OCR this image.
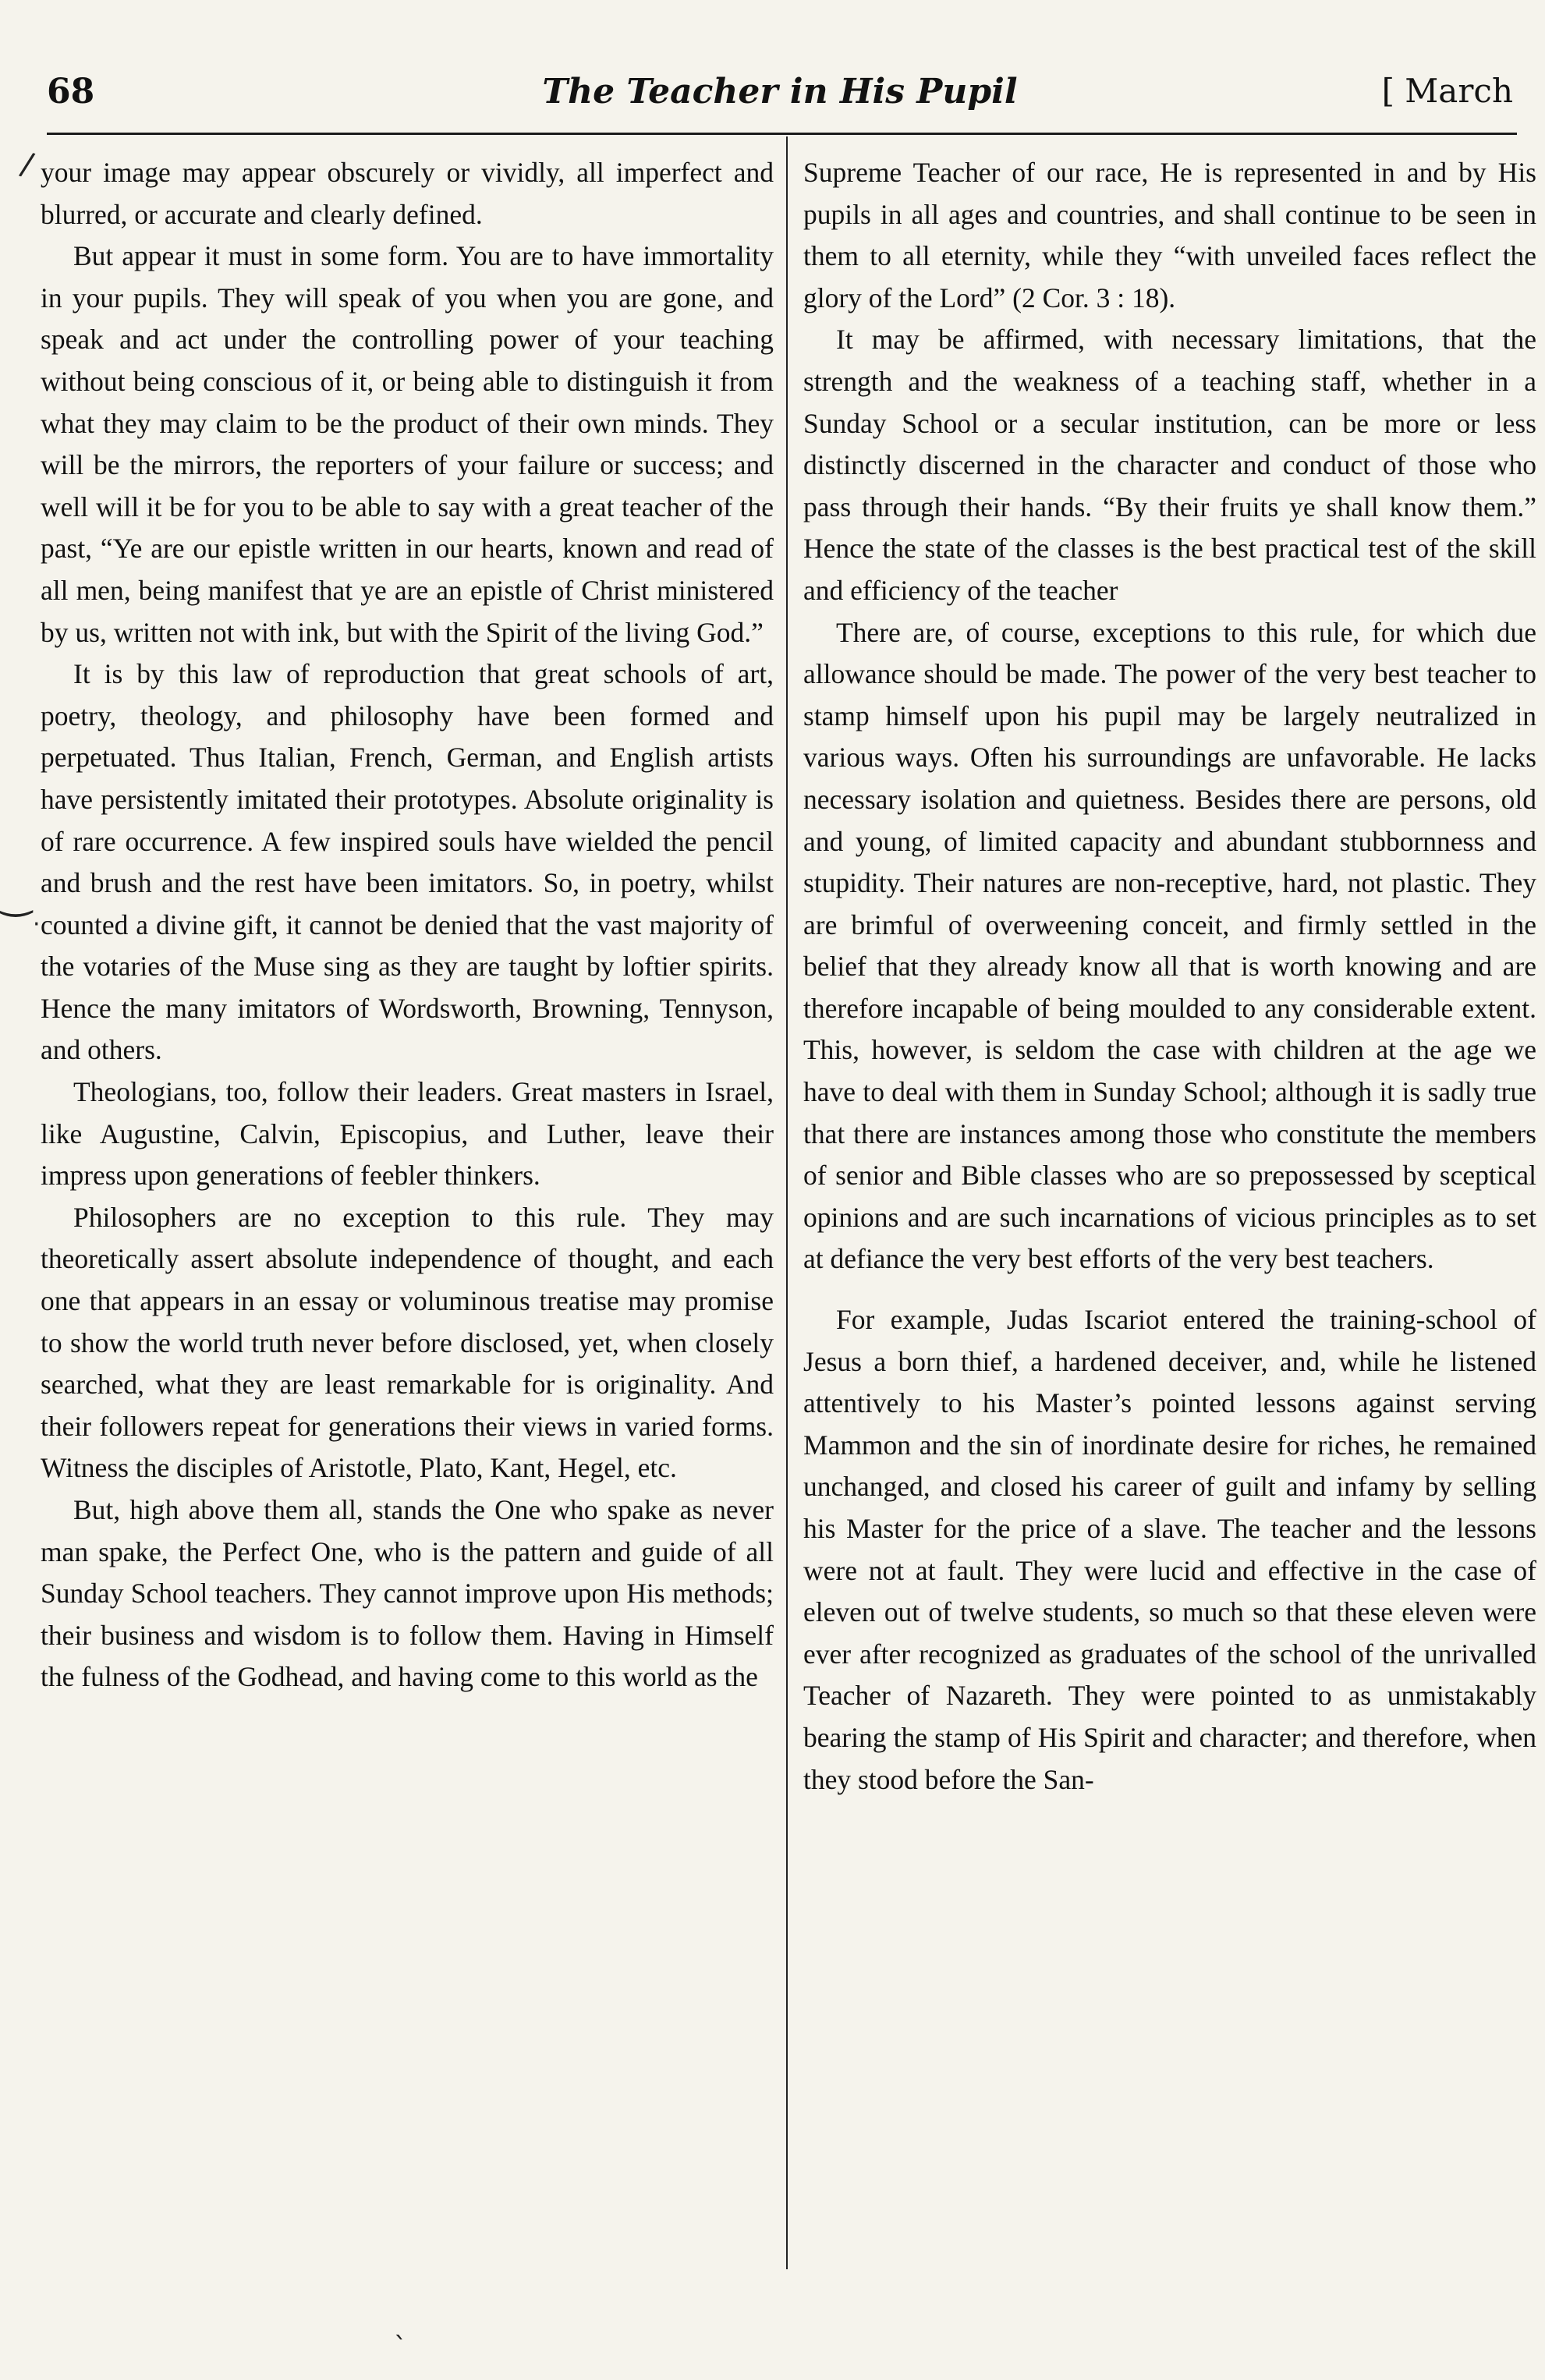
68	The Teacher in His Pupil	[ March
/
‿
·
ˋ

your image may appear obscurely or vividly, all imperfect and blurred, or accurate and clearly defined.

But appear it must in some form. You are to have immortality in your pupils. They will speak of you when you are gone, and speak and act under the controlling power of your teaching without being conscious of it, or being able to distinguish it from what they may claim to be the product of their own minds. They will be the mirrors, the reporters of your failure or success; and well will it be for you to be able to say with a great teacher of the past, “Ye are our epistle written in our hearts, known and read of all men, being manifest that ye are an epistle of Christ ministered by us, written not with ink, but with the Spirit of the living God.”

It is by this law of reproduction that great schools of art, poetry, theology, and philosophy have been formed and perpetuated. Thus Italian, French, German, and English artists have persistently imitated their prototypes. Absolute originality is of rare occurrence. A few inspired souls have wielded the pencil and brush and the rest have been imitators. So, in poetry, whilst counted a divine gift, it cannot be denied that the vast majority of the votaries of the Muse sing as they are taught by loftier spirits. Hence the many imitators of Wordsworth, Browning, Tennyson, and others.

Theologians, too, follow their leaders. Great masters in Israel, like Augustine, Calvin, Episcopius, and Luther, leave their impress upon generations of feebler thinkers.

Philosophers are no exception to this rule. They may theoretically assert absolute independence of thought, and each one that appears in an essay or voluminous treatise may promise to show the world truth never before disclosed, yet, when closely searched, what they are least remarkable for is originality. And their followers repeat for generations their views in varied forms. Witness the disciples of Aristotle, Plato, Kant, Hegel, etc.

But, high above them all, stands the One who spake as never man spake, the Perfect One, who is the pattern and guide of all Sunday School teachers. They cannot improve upon His methods; their business and wisdom is to follow them. Having in Himself the fulness of the Godhead, and having come to this world as the

Supreme Teacher of our race, He is represented in and by His pupils in all ages and countries, and shall continue to be seen in them to all eternity, while they “with unveiled faces reflect the glory of the Lord” (2 Cor. 3 : 18).

It may be affirmed, with necessary limitations, that the strength and the weakness of a teaching staff, whether in a Sunday School or a secular institution, can be more or less distinctly discerned in the character and conduct of those who pass through their hands. “By their fruits ye shall know them.” Hence the state of the classes is the best practical test of the skill and efficiency of the teacher

There are, of course, exceptions to this rule, for which due allowance should be made. The power of the very best teacher to stamp himself upon his pupil may be largely neutralized in various ways. Often his surroundings are unfavorable. He lacks necessary isolation and quietness. Besides there are persons, old and young, of limited capacity and abundant stubbornness and stupidity. Their natures are non-receptive, hard, not plastic. They are brimful of overweening conceit, and firmly settled in the belief that they already know all that is worth knowing and are therefore incapable of being moulded to any considerable extent. This, however, is seldom the case with children at the age we have to deal with them in Sunday School; although it is sadly true that there are instances among those who constitute the members of senior and Bible classes who are so prepossessed by sceptical opinions and are such incarnations of vicious principles as to set at defiance the very best efforts of the very best teachers.

For example, Judas Iscariot entered the training-school of Jesus a born thief, a hardened deceiver, and, while he listened attentively to his Master’s pointed lessons against serving Mammon and the sin of inordinate desire for riches, he remained unchanged, and closed his career of guilt and infamy by selling his Master for the price of a slave. The teacher and the lessons were not at fault. They were lucid and effective in the case of eleven out of twelve students, so much so that these eleven were ever after recognized as graduates of the school of the unrivalled Teacher of Nazareth. They were pointed to as unmistakably bearing the stamp of His Spirit and character; and therefore, when they stood before the San-
